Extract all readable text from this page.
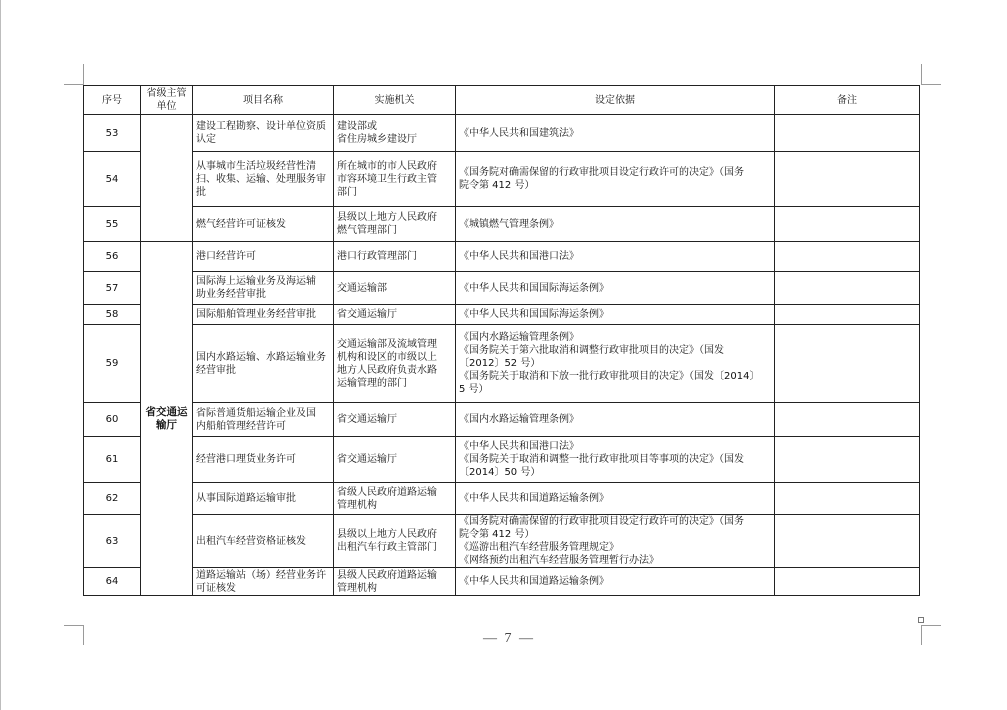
序号	省级主管单位	项目名称	实施机关	设定依据	备注
53		建设工程勘察、设计单位资质
认定	建设部或
省住房城乡建设厅	《中华人民共和国建筑法》	

54		从事城市生活垃圾经营性清
扫、收集、运输、处理服务审
批	所在城市的市人民政府
市容环境卫生行政主管
部门	《国务院对确需保留的行政审批项目设定行政许可的决定》（国务
院令第 412 号）	

55		燃气经营许可证核发	县级以上地方人民政府
燃气管理部门	《城镇燃气管理条例》	

56	省交通运输厅	港口经营许可	港口行政管理部门	《中华人民共和国港口法》	

57		国际海上运输业务及海运辅
助业务经营审批	交通运输部	《中华人民共和国国际海运条例》	

58		国际船舶管理业务经营审批	省交通运输厅	《中华人民共和国国际海运条例》	

59		国内水路运输、水路运输业务
经营审批	交通运输部及流域管理
机构和设区的市级以上
地方人民政府负责水路
运输管理的部门	《国内水路运输管理条例》
《国务院关于第六批取消和调整行政审批项目的决定》（国发
〔2012〕52 号）
《国务院关于取消和下放一批行政审批项目的决定》（国发〔2014〕
5 号）	

60		省际普通货船运输企业及国
内船舶管理经营许可	省交通运输厅	《国内水路运输管理条例》	

61		经营港口理货业务许可	省交通运输厅	《中华人民共和国港口法》
《国务院关于取消和调整一批行政审批项目等事项的决定》（国发
〔2014〕50 号）	

62		从事国际道路运输审批	省级人民政府道路运输
管理机构	《中华人民共和国道路运输条例》	

63		出租汽车经营资格证核发	县级以上地方人民政府
出租汽车行政主管部门	《国务院对确需保留的行政审批项目设定行政许可的决定》（国务
院令第 412 号）
《巡游出租汽车经营服务管理规定》
《网络预约出租汽车经营服务管理暂行办法》	

64		道路运输站（场）经营业务许
可证核发	县级人民政府道路运输
管理机构	《中华人民共和国道路运输条例》	

— 7 —
